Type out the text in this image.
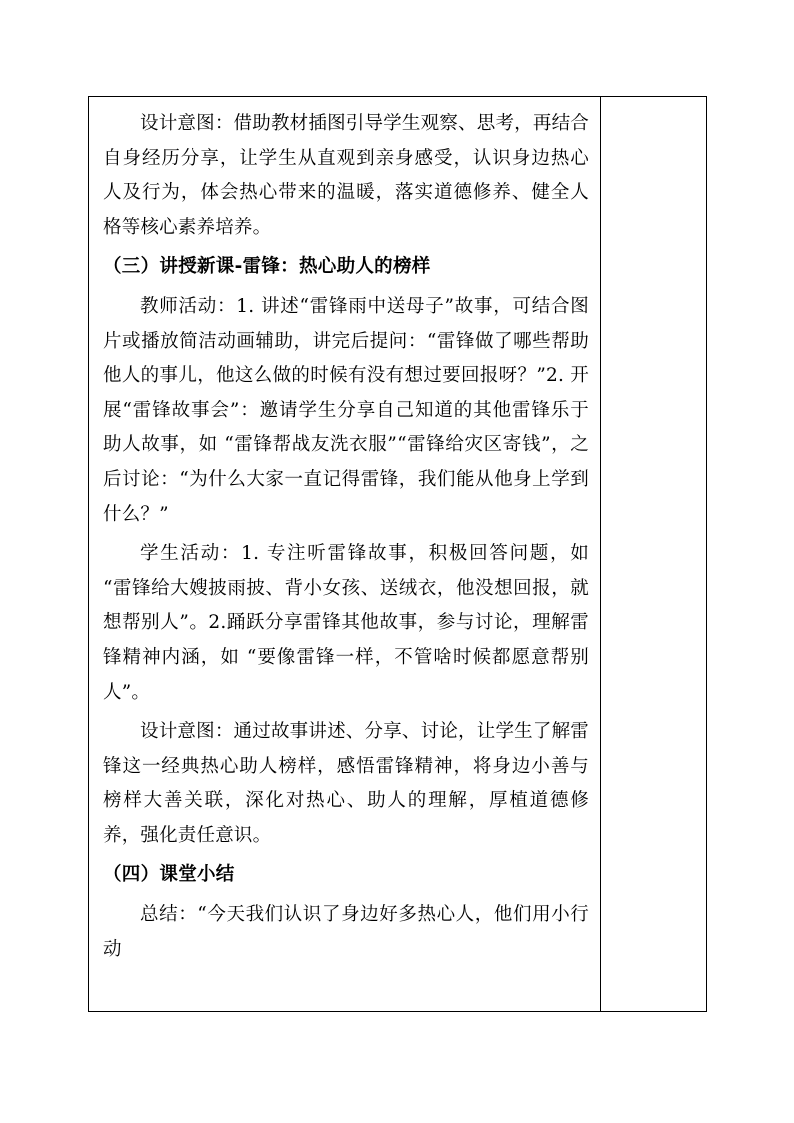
设计意图：借助教材插图引导学生观察、思考，再结合自身经历分享，让学生从直观到亲身感受，认识身边热心人及行为，体会热心带来的温暖，落实道德修养、健全人格等核心素养培养。

（三）讲授新课-雷锋：热心助人的榜样

教师活动：1. 讲述“雷锋雨中送母子”故事，可结合图片或播放简洁动画辅助，讲完后提问：“雷锋做了哪些帮助他人的事儿，他这么做的时候有没有想过要回报呀？”2. 开展“雷锋故事会”：邀请学生分享自己知道的其他雷锋乐于助人故事，如 “雷锋帮战友洗衣服”“雷锋给灾区寄钱”，之后讨论：“为什么大家一直记得雷锋，我们能从他身上学到什么？”

学生活动：1. 专注听雷锋故事，积极回答问题，如 “雷锋给大嫂披雨披、背小女孩、送绒衣，他没想回报，就想帮别人”。2.踊跃分享雷锋其他故事，参与讨论，理解雷锋精神内涵，如 “要像雷锋一样，不管啥时候都愿意帮别人”。

设计意图：通过故事讲述、分享、讨论，让学生了解雷锋这一经典热心助人榜样，感悟雷锋精神，将身边小善与榜样大善关联，深化对热心、助人的理解，厚植道德修养，强化责任意识。

（四）课堂小结

总结：“今天我们认识了身边好多热心人，他们用小行动
